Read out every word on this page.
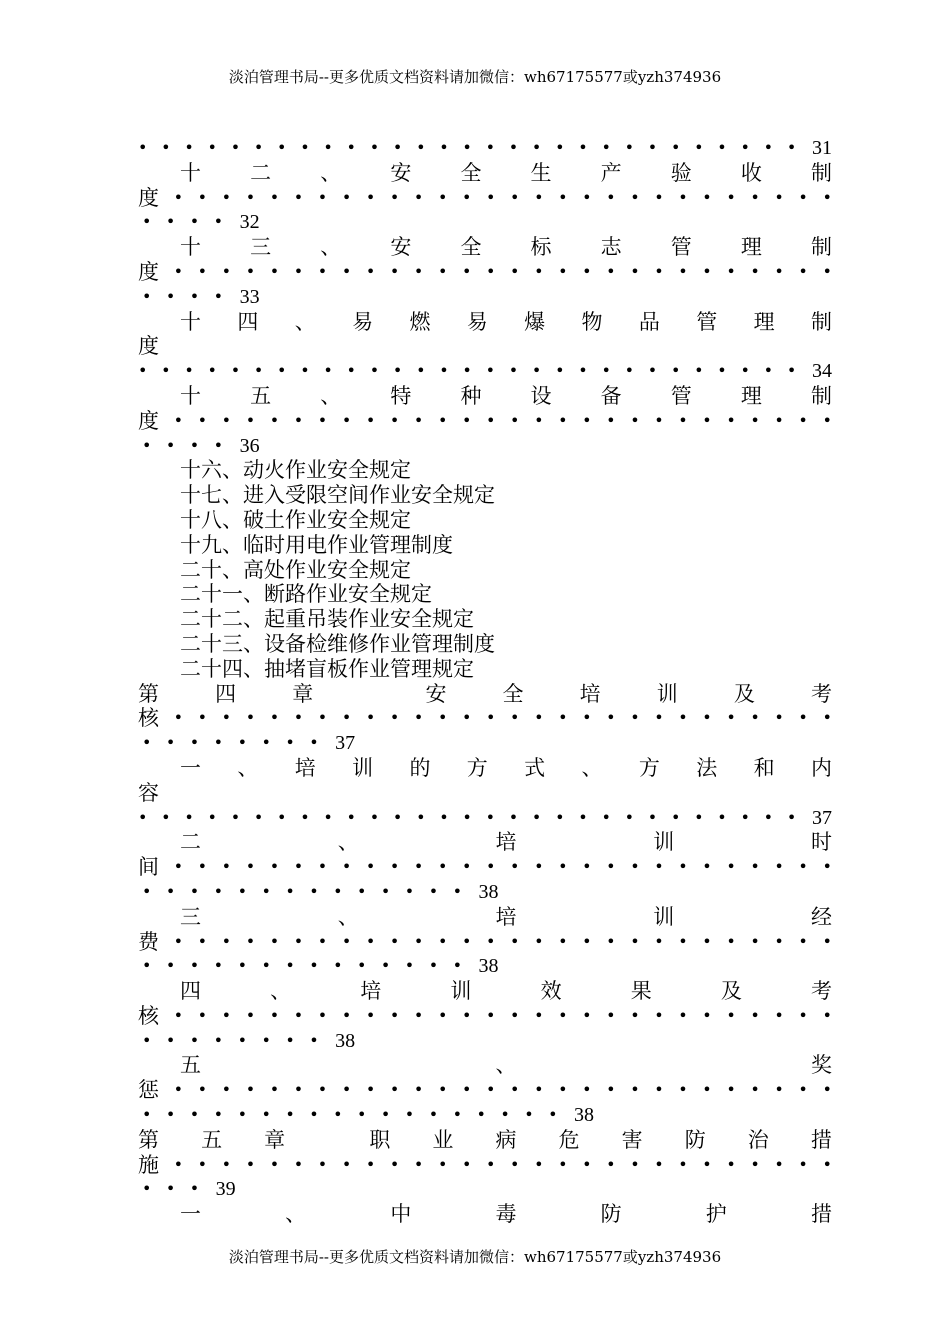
淡泊管理书局--更多优质文档资料请加微信：wh67175577或yzh374936
• • • • • • • • • • • • • • • • • • • • • • • • • • • • • 31
十 二 、 安 全 生 产 验 收 制
度 • • • • • • • • • • • • • • • • • • • • • • • • • • • •
• • • • 32
十 三 、 安 全 标 志 管 理 制
度 • • • • • • • • • • • • • • • • • • • • • • • • • • • •
• • • • 33
十 四 、 易 燃 易 爆 物 品 管 理 制
度
• • • • • • • • • • • • • • • • • • • • • • • • • • • • • 34
十 五 、 特 种 设 备 管 理 制
度 • • • • • • • • • • • • • • • • • • • • • • • • • • • •
• • • • 36
十六、动火作业安全规定
十七、进入受限空间作业安全规定
十八、破土作业安全规定
十九、临时用电作业管理制度
二十、高处作业安全规定
二十一、断路作业安全规定
二十二、起重吊装作业安全规定
二十三、设备检维修作业管理制度
二十四、抽堵盲板作业管理规定
第	四	章	安	全	培	训	及	考
核 • • • • • • • • • • • • • • • • • • • • • • • • • • • •
• • • • • • • • 37
一 、 培 训 的 方 式 、 方 法 和 内
容
• • • • • • • • • • • • • • • • • • • • • • • • • • • • • 37
二	、	培	训	时
间 • • • • • • • • • • • • • • • • • • • • • • • • • • • •
• • • • • • • • • • • • • • 38
三	、	培	训	经
费 • • • • • • • • • • • • • • • • • • • • • • • • • • • •
• • • • • • • • • • • • • • 38
四	、	培	训	效	果	及	考
核 • • • • • • • • • • • • • • • • • • • • • • • • • • • •
• • • • • • • • 38
五	、	奖
惩 • • • • • • • • • • • • • • • • • • • • • • • • • • • •
• • • • • • • • • • • • • • • • • • 38
第 五 章	职 业 病 危 害 防 治 措
施 • • • • • • • • • • • • • • • • • • • • • • • • • • • •
• • • 39
一	、	中	毒	防	护	措
淡泊管理书局--更多优质文档资料请加微信：wh67175577或yzh374936
